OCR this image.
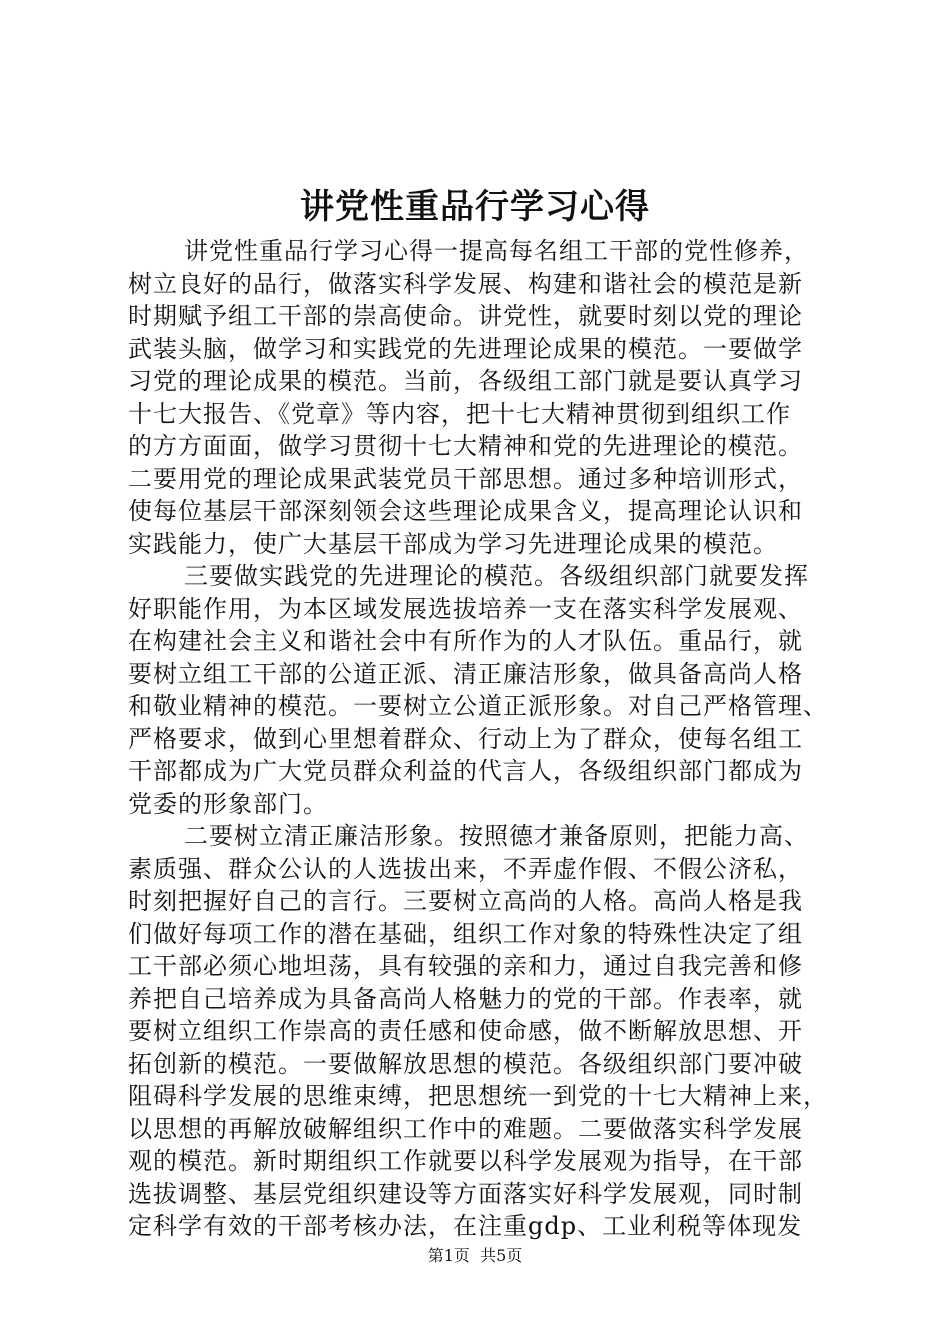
讲党性重品行学习心得
讲党性重品行学习心得一提高每名组工干部的党性修养，
树立良好的品行，做落实科学发展、构建和谐社会的模范是新
时期赋予组工干部的崇高使命。讲党性，就要时刻以党的理论
武装头脑，做学习和实践党的先进理论成果的模范。一要做学
习党的理论成果的模范。当前，各级组工部门就是要认真学习
十七大报告、《党章》等内容，把十七大精神贯彻到组织工作
的方方面面，做学习贯彻十七大精神和党的先进理论的模范。
二要用党的理论成果武装党员干部思想。通过多种培训形式，
使每位基层干部深刻领会这些理论成果含义，提高理论认识和
实践能力，使广大基层干部成为学习先进理论成果的模范。
三要做实践党的先进理论的模范。各级组织部门就要发挥
好职能作用，为本区域发展选拔培养一支在落实科学发展观、
在构建社会主义和谐社会中有所作为的人才队伍。重品行，就
要树立组工干部的公道正派、清正廉洁形象，做具备高尚人格
和敬业精神的模范。一要树立公道正派形象。对自己严格管理、
严格要求，做到心里想着群众、行动上为了群众，使每名组工
干部都成为广大党员群众利益的代言人，各级组织部门都成为
党委的形象部门。
二要树立清正廉洁形象。按照德才兼备原则，把能力高、
素质强、群众公认的人选拔出来，不弄虚作假、不假公济私，
时刻把握好自己的言行。三要树立高尚的人格。高尚人格是我
们做好每项工作的潜在基础，组织工作对象的特殊性决定了组
工干部必须心地坦荡，具有较强的亲和力，通过自我完善和修
养把自己培养成为具备高尚人格魅力的党的干部。作表率，就
要树立组织工作崇高的责任感和使命感，做不断解放思想、开
拓创新的模范。一要做解放思想的模范。各级组织部门要冲破
阻碍科学发展的思维束缚，把思想统一到党的十七大精神上来，
以思想的再解放破解组织工作中的难题。二要做落实科学发展
观的模范。新时期组织工作就要以科学发展观为指导，在干部
选拔调整、基层党组织建设等方面落实好科学发展观，同时制
定科学有效的干部考核办法，在注重gdp、工业利税等体现发
第1页  共5页
